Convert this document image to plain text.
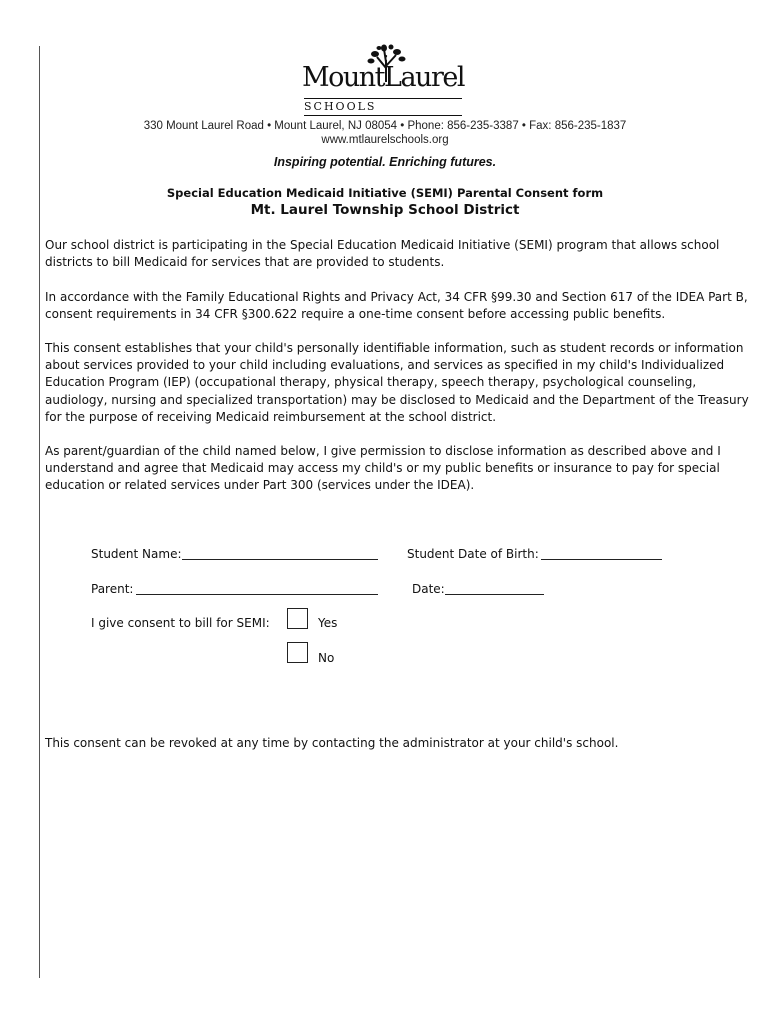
MountLaurel
SCHOOLS
330 Mount Laurel Road • Mount Laurel, NJ 08054 • Phone: 856-235-3387 • Fax: 856-235-1837
www.mtlaurelschools.org
Inspiring potential. Enriching futures.
Special Education Medicaid Initiative (SEMI) Parental Consent form
Mt. Laurel Township School District

Our school district is participating in the Special Education Medicaid Initiative (SEMI) program that allows school districts to bill Medicaid for services that are provided to students.

In accordance with the Family Educational Rights and Privacy Act, 34 CFR §99.30 and Section 617 of the IDEA Part B, consent requirements in 34 CFR §300.622 require a one-time consent before accessing public benefits.

This consent establishes that your child's personally identifiable information, such as student records or information about services provided to your child including evaluations, and services as specified in my child's Individualized Education Program (IEP) (occupational therapy, physical therapy, speech therapy, psychological counseling, audiology, nursing and specialized transportation) may be disclosed to Medicaid and the Department of the Treasury for the purpose of receiving Medicaid reimbursement at the school district.

As parent/guardian of the child named below, I give permission to disclose information as described above and I understand and agree that Medicaid may access my child's or my public benefits or insurance to pay for special education or related services under Part 300 (services under the IDEA).

Student Name:	Student Date of Birth:
Parent:	Date:
I give consent to bill for SEMI:	Yes
No
This consent can be revoked at any time by contacting the administrator at your child's school.
